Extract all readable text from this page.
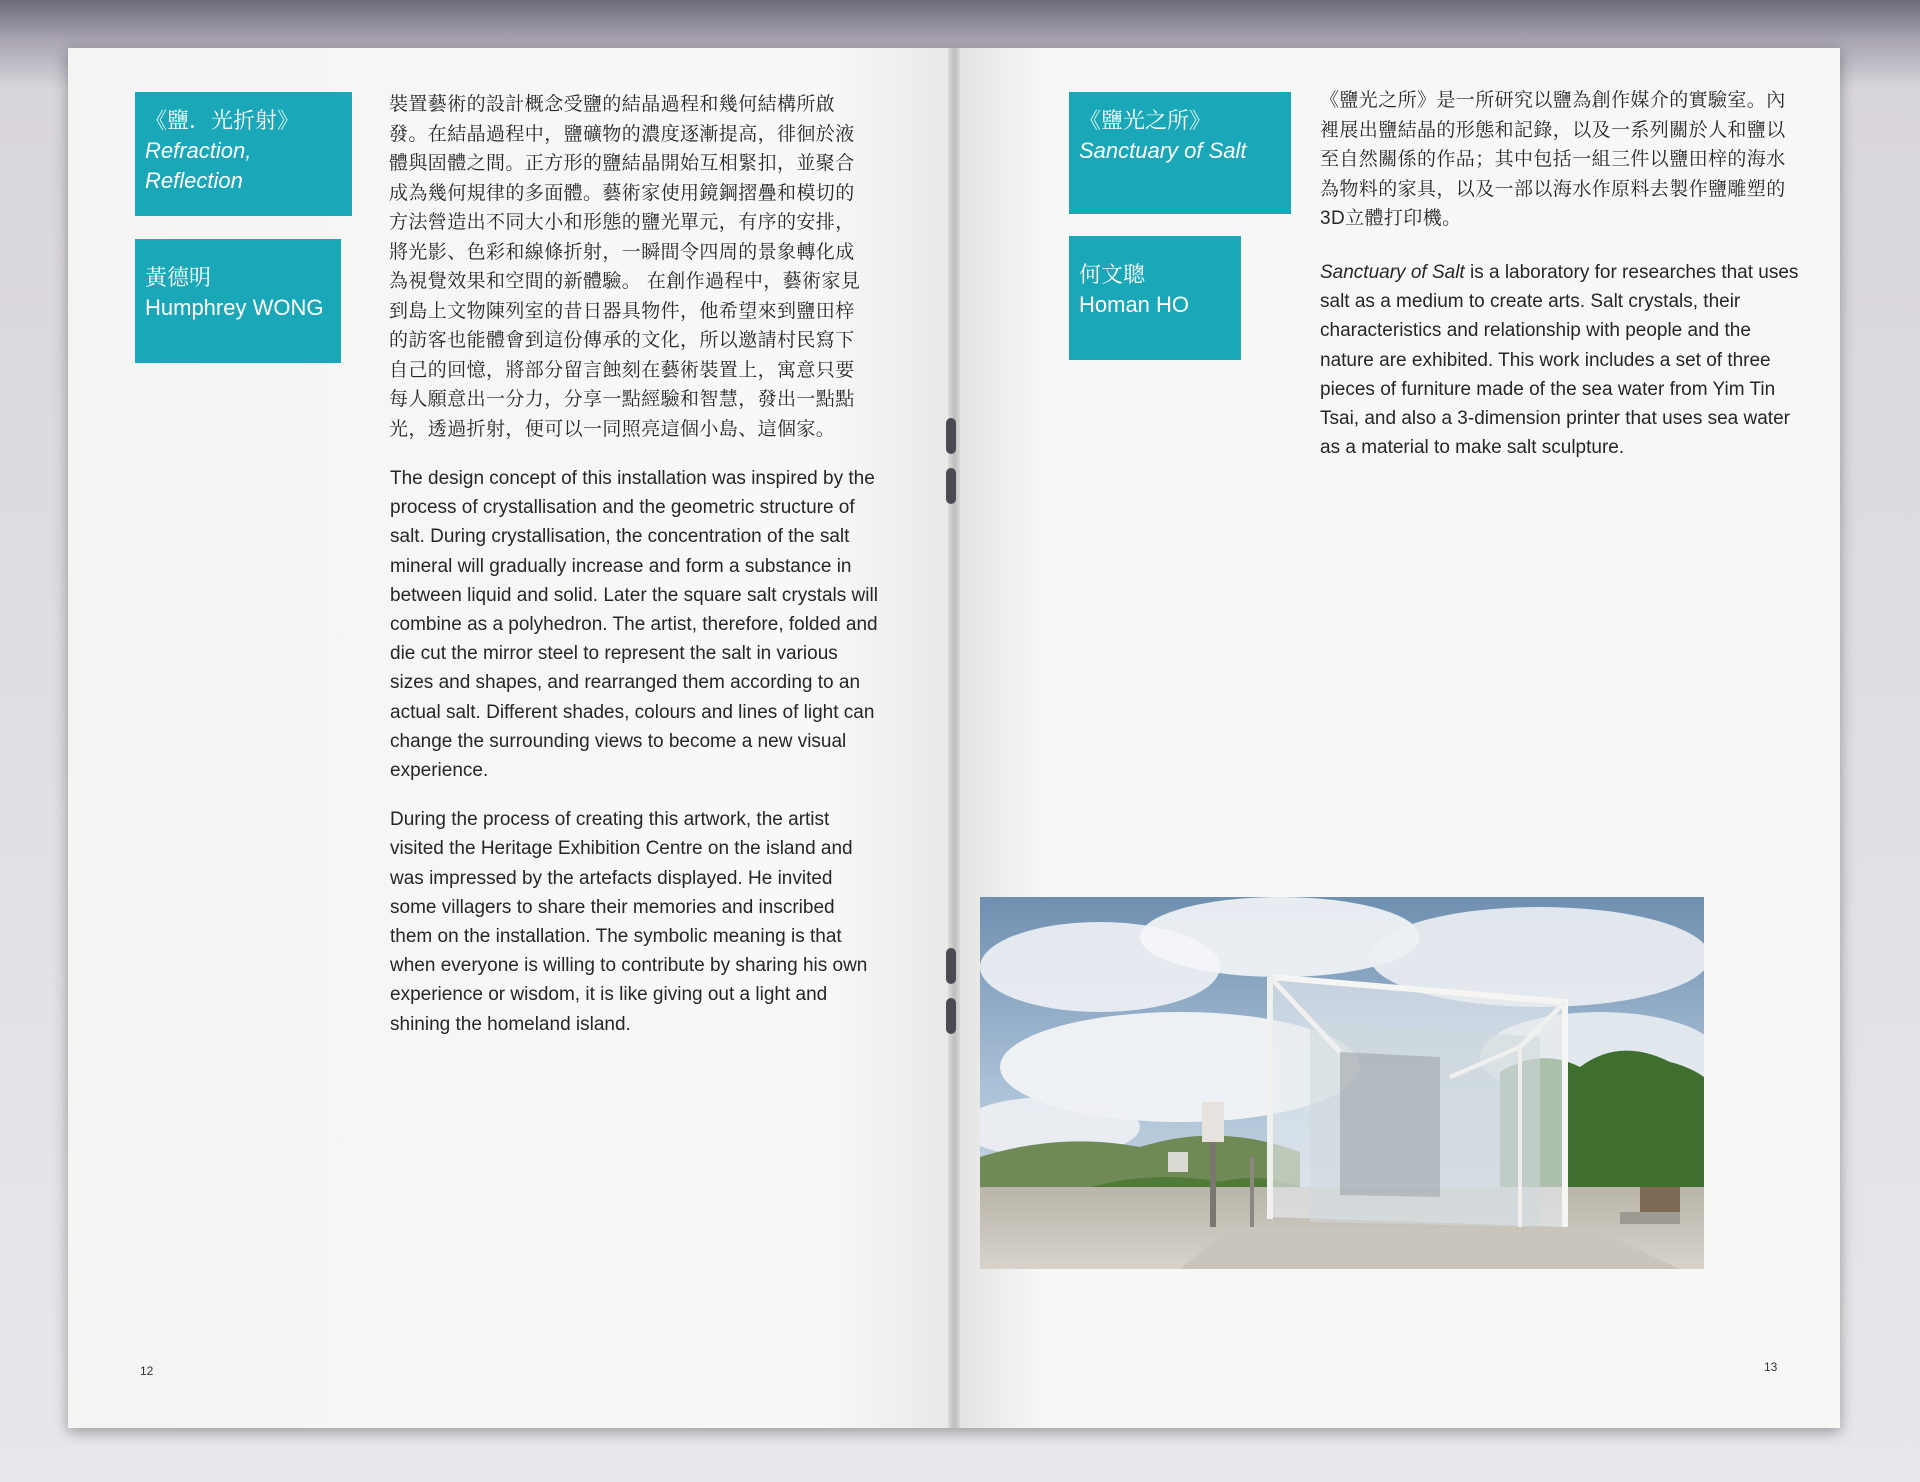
《鹽．光折射》
Refraction,
Reflection
黃德明
Humphrey WONG

裝置藝術的設計概念受鹽的結晶過程和幾何結構所啟發。在結晶過程中，鹽礦物的濃度逐漸提高，徘徊於液體與固體之間。正方形的鹽結晶開始互相緊扣，並聚合成為幾何規律的多面體。藝術家使用鏡鋼摺疊和模切的方法營造出不同大小和形態的鹽光單元，有序的安排，將光影、色彩和線條折射，一瞬間令四周的景象轉化成為視覺效果和空間的新體驗。 在創作過程中，藝術家見到島上文物陳列室的昔日器具物件，他希望來到鹽田梓的訪客也能體會到這份傳承的文化，所以邀請村民寫下自己的回憶，將部分留言蝕刻在藝術裝置上，寓意只要每人願意出一分力，分享一點經驗和智慧，發出一點點光，透過折射，便可以一同照亮這個小島、這個家。

The design concept of this installation was inspired by the process of crystallisation and the geometric structure of salt. During crystallisation, the concentration of the salt mineral will gradually increase and form a substance in between liquid and solid. Later the square salt crystals will combine as a polyhedron. The artist, therefore, folded and die cut the mirror steel to represent the salt in various sizes and shapes, and rearranged them according to an actual salt. Different shades, colours and lines of light can change the surrounding views to become a new visual experience.

During the process of creating this artwork, the artist visited the Heritage Exhibition Centre on the island and was impressed by the artefacts displayed. He invited some villagers to share their memories and inscribed them on the installation. The symbolic meaning is that when everyone is willing to contribute by sharing his own experience or wisdom, it is like giving out a light and shining the homeland island.

12
《鹽光之所》
Sanctuary of Salt
何文聰
Homan HO

《鹽光之所》是一所研究以鹽為創作媒介的實驗室。內裡展出鹽結晶的形態和記錄，以及一系列關於人和鹽以至自然關係的作品；其中包括一組三件以鹽田梓的海水為物料的家具，以及一部以海水作原料去製作鹽雕塑的3D立體打印機。

Sanctuary of Salt is a laboratory for researches that uses salt as a medium to create arts. Salt crystals, their characteristics and relationship with people and the nature are exhibited. This work includes a set of three pieces of furniture made of the sea water from Yim Tin Tsai, and also a 3-dimension printer that uses sea water as a material to make salt sculpture.

13
